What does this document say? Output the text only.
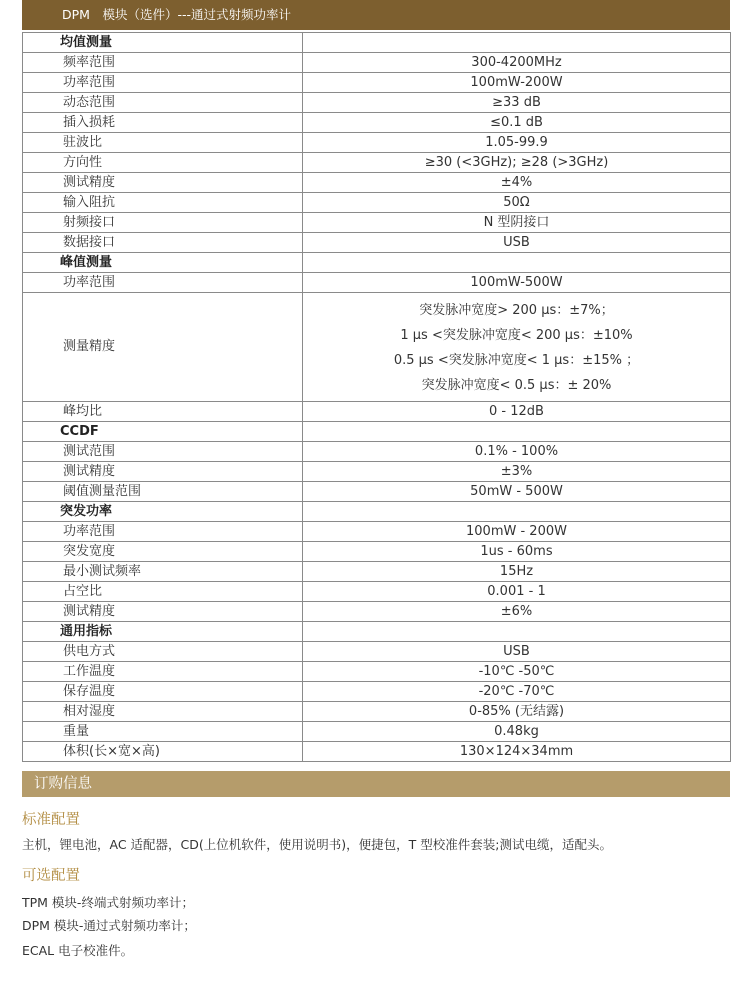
DPM　模块（选件）---通过式射频功率计
均值测量	
频率范围	300-4200MHz
功率范围	100mW-200W
动态范围	≥33 dB
插入损耗	≤0.1 dB
驻波比	1.05-99.9
方向性	≥30 (<3GHz); ≥28 (>3GHz)
测试精度	±4%
输入阻抗	50Ω
射频接口	N 型阴接口
数据接口	USB
峰值测量	
功率范围	100mW-500W
测量精度	突发脉冲宽度> 200 μs：±7%；
1 μs <突发脉冲宽度< 200 μs：±10%
0.5 μs <突发脉冲宽度< 1 μs：±15% ；
突发脉冲宽度< 0.5 μs：± 20%

峰均比	0 - 12dB
CCDF	
测试范围	0.1% - 100%
测试精度	±3%
阈值测量范围	50mW - 500W
突发功率	
功率范围	100mW - 200W
突发宽度	1us - 60ms
最小测试频率	15Hz
占空比	0.001 - 1
测试精度	±6%
通用指标	
供电方式	USB
工作温度	-10℃ -50℃
保存温度	-20℃ -70℃
相对湿度	0-85% (无结露)
重量	0.48kg
体积(长×宽×高)	130×124×34mm
订购信息
标准配置
主机，锂电池，AC 适配器，CD(上位机软件，使用说明书)，便捷包，T 型校准件套装;测试电缆，适配头。
可选配置
TPM 模块-终端式射频功率计；
DPM 模块-通过式射频功率计；
ECAL 电子校准件。
